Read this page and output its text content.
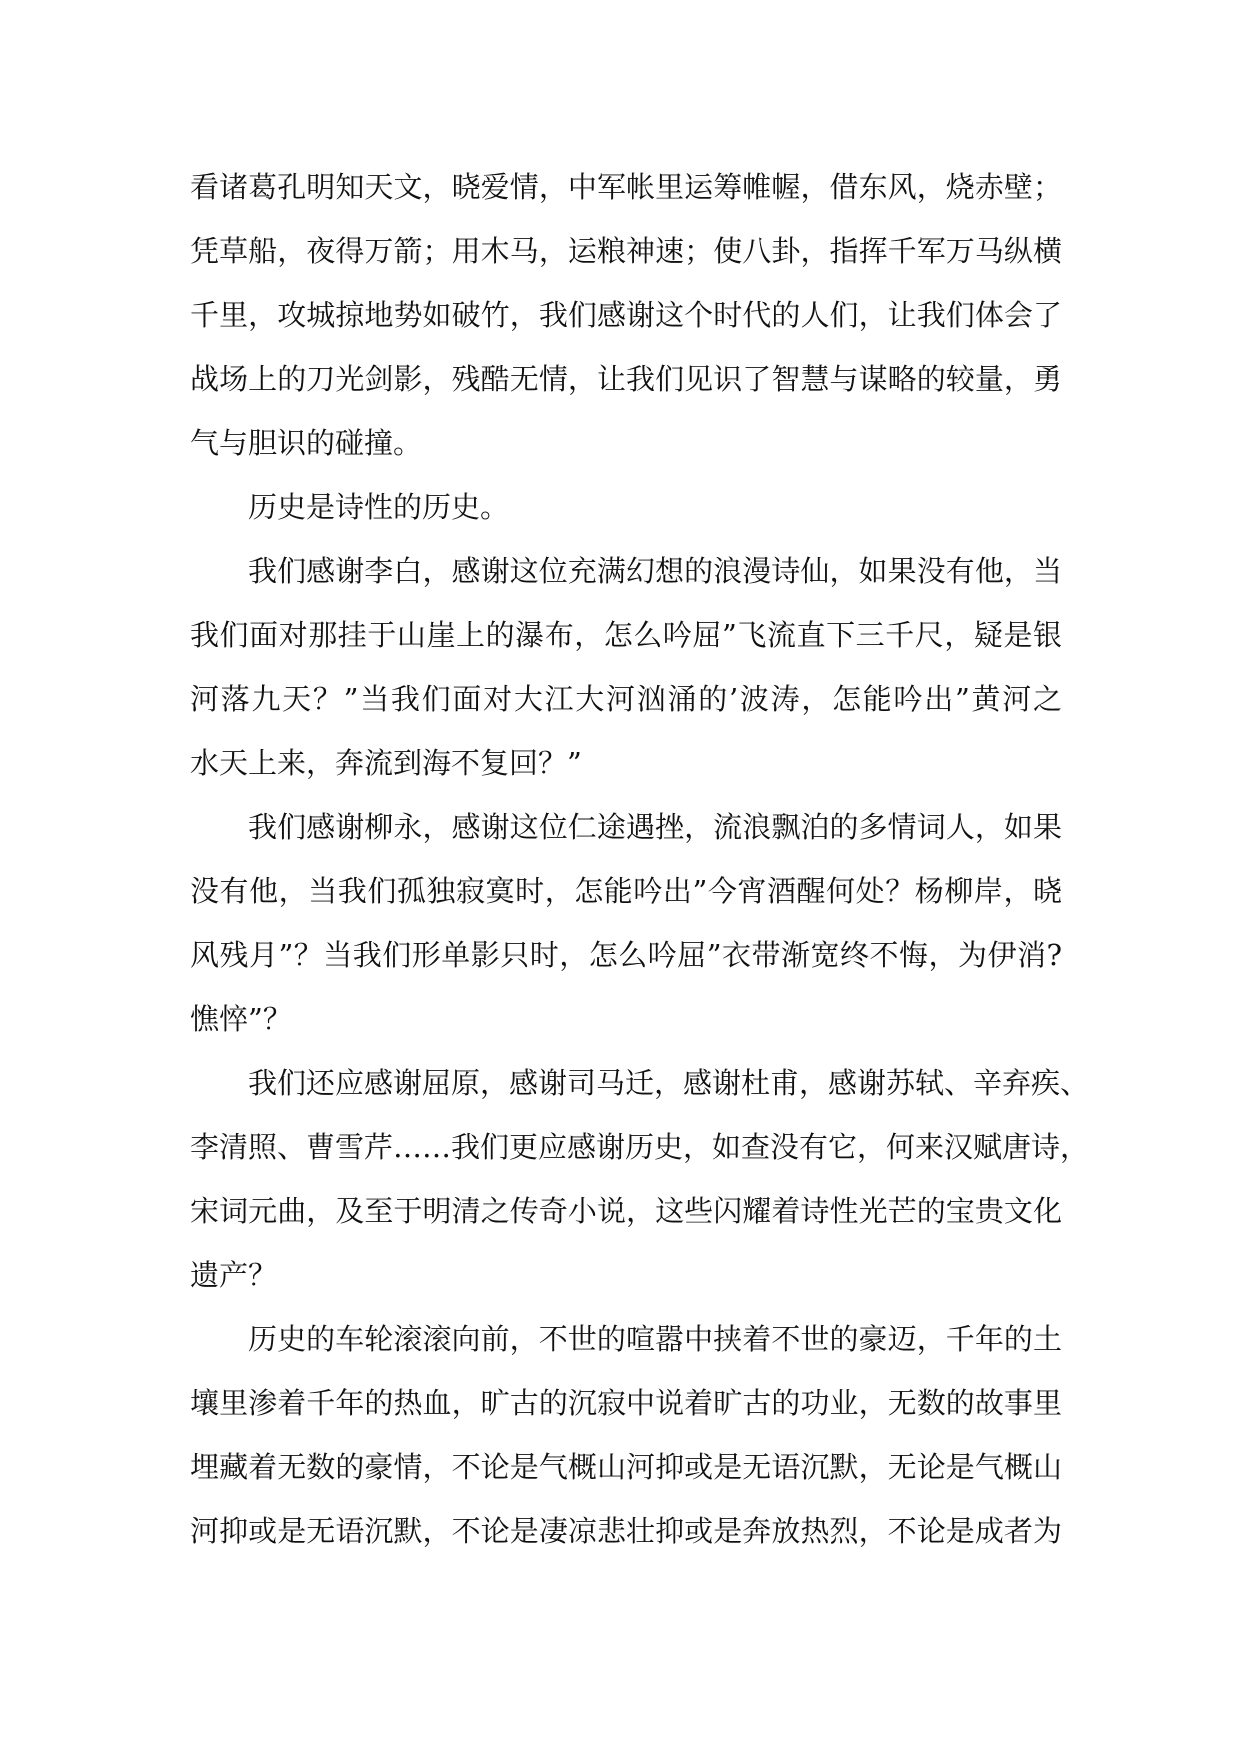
看诸葛孔明知天文，晓爱情，中军帐里运筹帷幄，借东风，烧赤壁；
凭草船，夜得万箭；用木马，运粮神速；使八卦，指挥千军万马纵横
千里，攻城掠地势如破竹，我们感谢这个时代的人们，让我们体会了
战场上的刀光剑影，残酷无情，让我们见识了智慧与谋略的较量，勇
气与胆识的碰撞。
历史是诗性的历史。
我们感谢李白，感谢这位充满幻想的浪漫诗仙，如果没有他，当
我们面对那挂于山崖上的瀑布，怎么吟屈”飞流直下三千尺，疑是银
河落九天？”当我们面对大江大河汹涌的’波涛，怎能吟出”黄河之
水天上来，奔流到海不复回？”
我们感谢柳永，感谢这位仁途遇挫，流浪飘泊的多情词人，如果
没有他，当我们孤独寂寞时，怎能吟出”今宵酒醒何处？杨柳岸，晓
风残月”？当我们形单影只时，怎么吟屈”衣带渐宽终不悔，为伊消?
憔悴”？
我们还应感谢屈原，感谢司马迁，感谢杜甫，感谢苏轼、辛弃疾、
李清照、曹雪芹……我们更应感谢历史，如查没有它，何来汉赋唐诗，
宋词元曲，及至于明清之传奇小说，这些闪耀着诗性光芒的宝贵文化
遗产？
历史的车轮滚滚向前，不世的喧嚣中挟着不世的豪迈，千年的土
壤里渗着千年的热血，旷古的沉寂中说着旷古的功业，无数的故事里
埋藏着无数的豪情，不论是气概山河抑或是无语沉默，无论是气概山
河抑或是无语沉默，不论是凄凉悲壮抑或是奔放热烈，不论是成者为
